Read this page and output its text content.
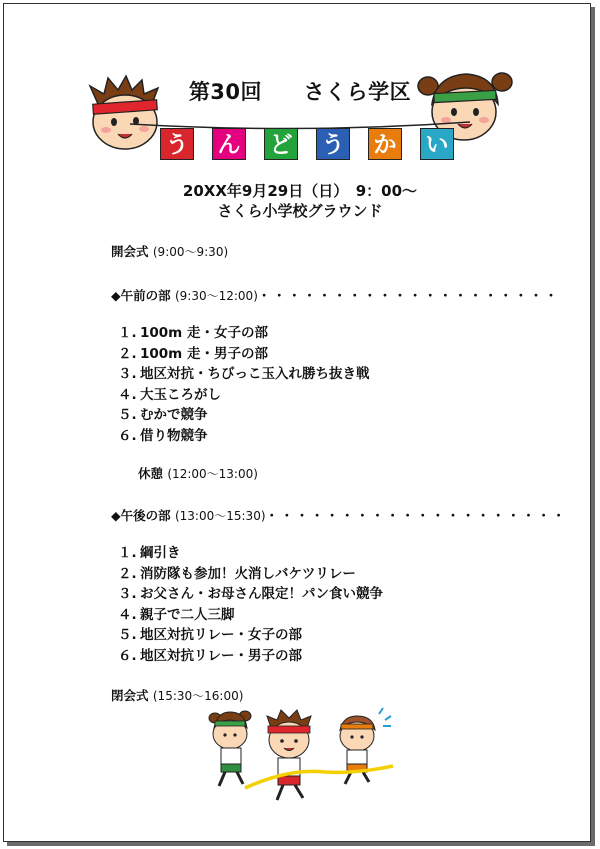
第30回 さくら学区
う ん ど う か い
20XX年9月29日（日）　9：00～
さくら小学校グラウンド
開会式 (9:00～9:30)
◆午前の部 (9:30～12:00)・・・・・・・・・・・・・・・・・・・・
１. 100m 走・女子の部
２. 100m 走・男子の部
３. 地区対抗・ちびっこ玉入れ勝ち抜き戦
４. 大玉ころがし
５. むかで競争
６. 借り物競争
休憩 (12:00～13:00)
◆午後の部 (13:00～15:30)・・・・・・・・・・・・・・・・・・・・
１. 綱引き
２. 消防隊も参加！火消しバケツリレー
３. お父さん・お母さん限定！パン食い競争
４. 親子で二人三脚
５. 地区対抗リレー・女子の部
６. 地区対抗リレー・男子の部
閉会式 (15:30～16:00)
